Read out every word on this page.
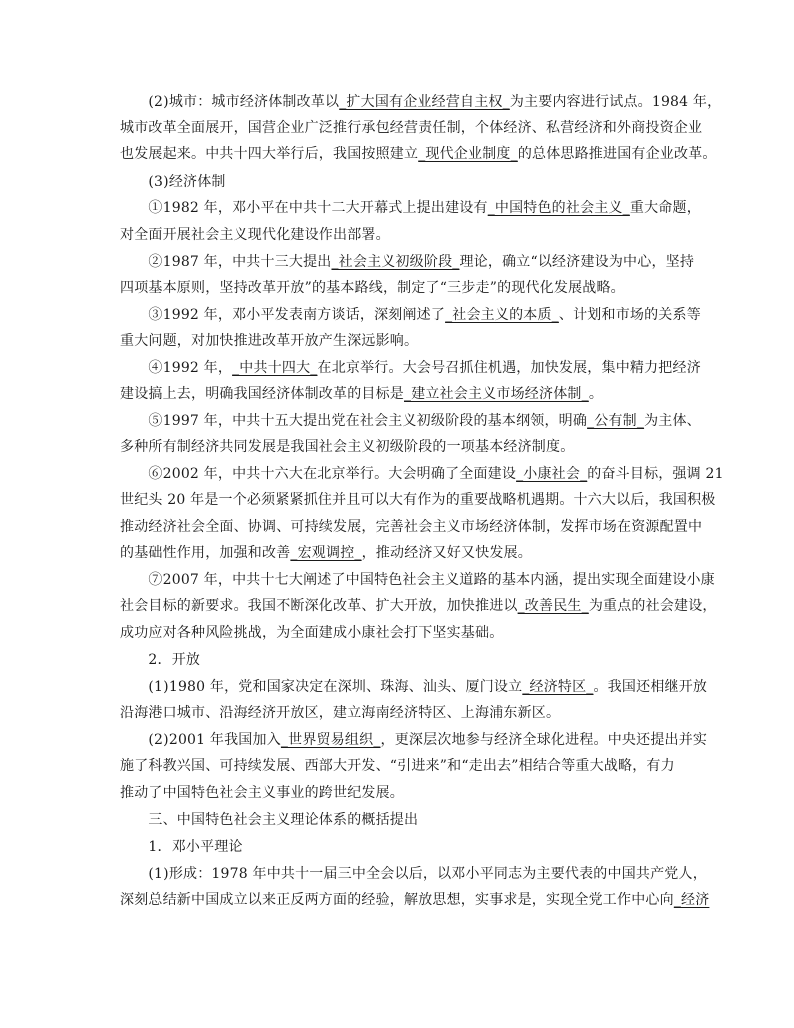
　　(2)城市：城市经济体制改革以_扩大国有企业经营自主权_为主要内容进行试点。1984 年，
城市改革全面展开，国营企业广泛推行承包经营责任制，个体经济、私营经济和外商投资企业
也发展起来。中共十四大举行后，我国按照建立_现代企业制度_的总体思路推进国有企业改革。
　　(3)经济体制
　　①1982 年，邓小平在中共十二大开幕式上提出建设有_中国特色的社会主义_重大命题，
对全面开展社会主义现代化建设作出部署。
　　②1987 年，中共十三大提出_社会主义初级阶段_理论，确立“以经济建设为中心，坚持
四项基本原则，坚持改革开放”的基本路线，制定了“三步走”的现代化发展战略。
　　③1992 年，邓小平发表南方谈话，深刻阐述了_社会主义的本质_、计划和市场的关系等
重大问题，对加快推进改革开放产生深远影响。
　　④1992 年，_中共十四大_在北京举行。大会号召抓住机遇，加快发展，集中精力把经济
建设搞上去，明确我国经济体制改革的目标是_建立社会主义市场经济体制_。
　　⑤1997 年，中共十五大提出党在社会主义初级阶段的基本纲领，明确_公有制_为主体、
多种所有制经济共同发展是我国社会主义初级阶段的一项基本经济制度。
　　⑥2002 年，中共十六大在北京举行。大会明确了全面建设_小康社会_的奋斗目标，强调 21
世纪头 20 年是一个必须紧紧抓住并且可以大有作为的重要战略机遇期。十六大以后，我国积极
推动经济社会全面、协调、可持续发展，完善社会主义市场经济体制，发挥市场在资源配置中
的基础性作用，加强和改善_宏观调控_，推动经济又好又快发展。
　　⑦2007 年，中共十七大阐述了中国特色社会主义道路的基本内涵，提出实现全面建设小康
社会目标的新要求。我国不断深化改革、扩大开放，加快推进以_改善民生_为重点的社会建设，
成功应对各种风险挑战，为全面建成小康社会打下坚实基础。
　　2．开放
　　(1)1980 年，党和国家决定在深圳、珠海、汕头、厦门设立_经济特区_。我国还相继开放
沿海港口城市、沿海经济开放区，建立海南经济特区、上海浦东新区。
　　(2)2001 年我国加入_世界贸易组织_，更深层次地参与经济全球化进程。中央还提出并实
施了科教兴国、可持续发展、西部大开发、“引进来”和“走出去”相结合等重大战略，有力
推动了中国特色社会主义事业的跨世纪发展。
　　三、中国特色社会主义理论体系的概括提出
　　1．邓小平理论
　　(1)形成：1978 年中共十一届三中全会以后，以邓小平同志为主要代表的中国共产党人，
深刻总结新中国成立以来正反两方面的经验，解放思想，实事求是，实现全党工作中心向_经济
